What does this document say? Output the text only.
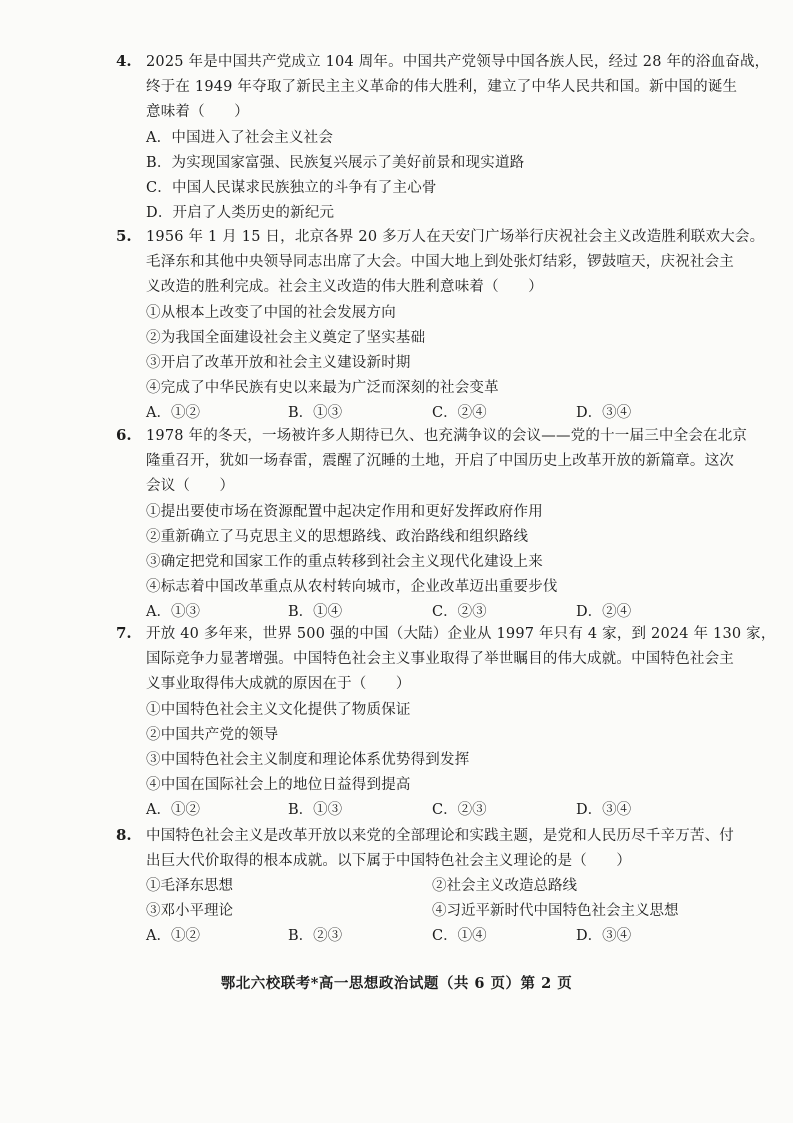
4. 2025 年是中国共产党成立 104 周年。中国共产党领导中国各族人民，经过 28 年的浴血奋战，
终于在 1949 年夺取了新民主主义革命的伟大胜利，建立了中华人民共和国。新中国的诞生
意味着（　　）
A．中国进入了社会主义社会
B．为实现国家富强、民族复兴展示了美好前景和现实道路
C．中国人民谋求民族独立的斗争有了主心骨
D．开启了人类历史的新纪元
5. 1956 年 1 月 15 日，北京各界 20 多万人在天安门广场举行庆祝社会主义改造胜利联欢大会。
毛泽东和其他中央领导同志出席了大会。中国大地上到处张灯结彩，锣鼓喧天，庆祝社会主
义改造的胜利完成。社会主义改造的伟大胜利意味着（　　）
①从根本上改变了中国的社会发展方向
②为我国全面建设社会主义奠定了坚实基础
③开启了改革开放和社会主义建设新时期
④完成了中华民族有史以来最为广泛而深刻的社会变革
A．①②	B．①③	C．②④	D．③④
6. 1978 年的冬天，一场被许多人期待已久、也充满争议的会议——党的十一届三中全会在北京
隆重召开，犹如一场春雷，震醒了沉睡的土地，开启了中国历史上改革开放的新篇章。这次
会议（　　）
①提出要使市场在资源配置中起决定作用和更好发挥政府作用
②重新确立了马克思主义的思想路线、政治路线和组织路线
③确定把党和国家工作的重点转移到社会主义现代化建设上来
④标志着中国改革重点从农村转向城市，企业改革迈出重要步伐
A．①③	B．①④	C．②③	D．②④
7. 开放 40 多年来，世界 500 强的中国（大陆）企业从 1997 年只有 4 家，到 2024 年 130 家，
国际竞争力显著增强。中国特色社会主义事业取得了举世瞩目的伟大成就。中国特色社会主
义事业取得伟大成就的原因在于（　　）
①中国特色社会主义文化提供了物质保证
②中国共产党的领导
③中国特色社会主义制度和理论体系优势得到发挥
④中国在国际社会上的地位日益得到提高
A．①②	B．①③	C．②③	D．③④
8. 中国特色社会主义是改革开放以来党的全部理论和实践主题，是党和人民历尽千辛万苦、付
出巨大代价取得的根本成就。以下属于中国特色社会主义理论的是（　　）
①毛泽东思想	②社会主义改造总路线
③邓小平理论	④习近平新时代中国特色社会主义思想
A．①②	B．②③	C．①④	D．③④
鄂北六校联考*高一思想政治试题（共 6 页）第 2 页
